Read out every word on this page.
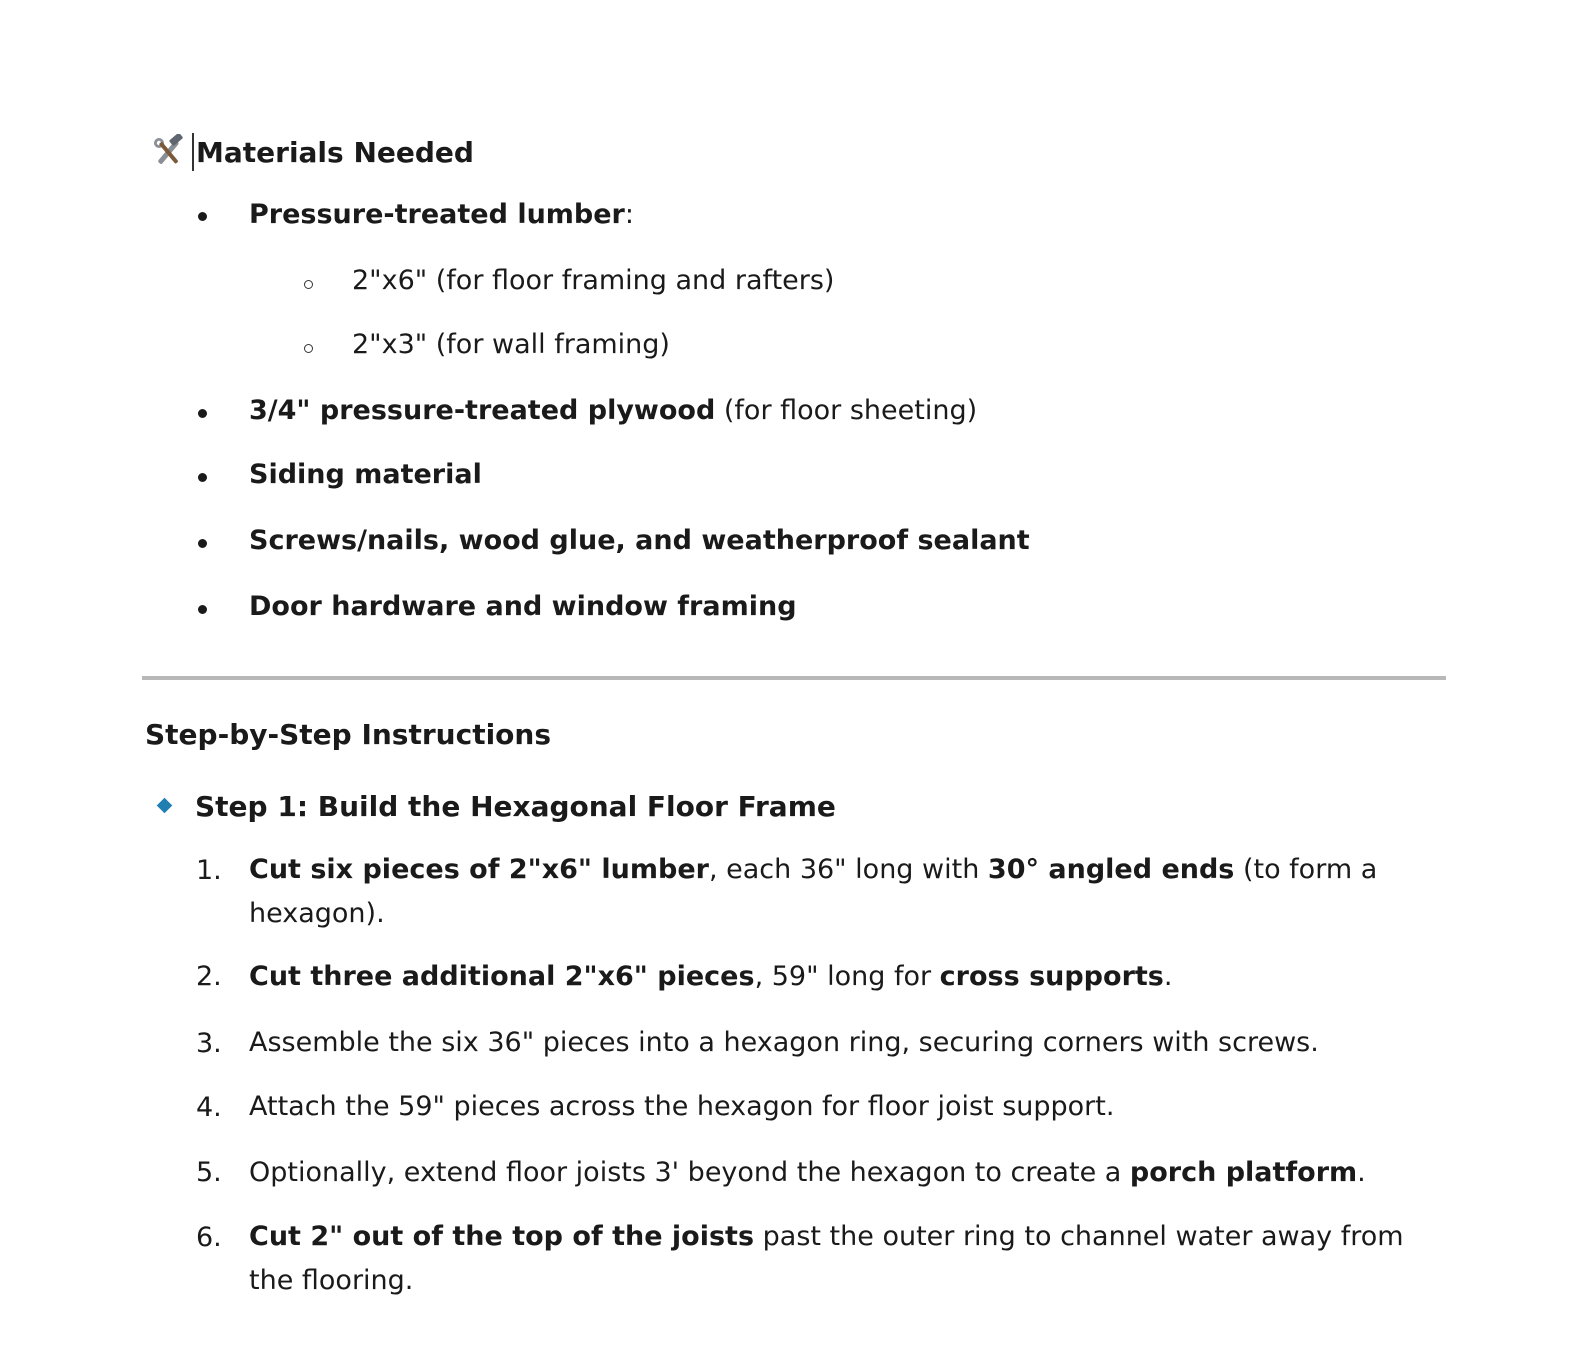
Materials Needed
Pressure-treated lumber:
2"x6" (for floor framing and rafters)
2"x3" (for wall framing)
3/4" pressure-treated plywood (for floor sheeting)
Siding material
Screws/nails, wood glue, and weatherproof sealant
Door hardware and window framing
Step-by-Step Instructions
Step 1: Build the Hexagonal Floor Frame
1. Cut six pieces of 2"x6" lumber, each 36" long with 30° angled ends (to form a hexagon).
2. Cut three additional 2"x6" pieces, 59" long for cross supports.
3. Assemble the six 36" pieces into a hexagon ring, securing corners with screws.
4. Attach the 59" pieces across the hexagon for floor joist support.
5. Optionally, extend floor joists 3' beyond the hexagon to create a porch platform.
6. Cut 2" out of the top of the joists past the outer ring to channel water away from the flooring.
